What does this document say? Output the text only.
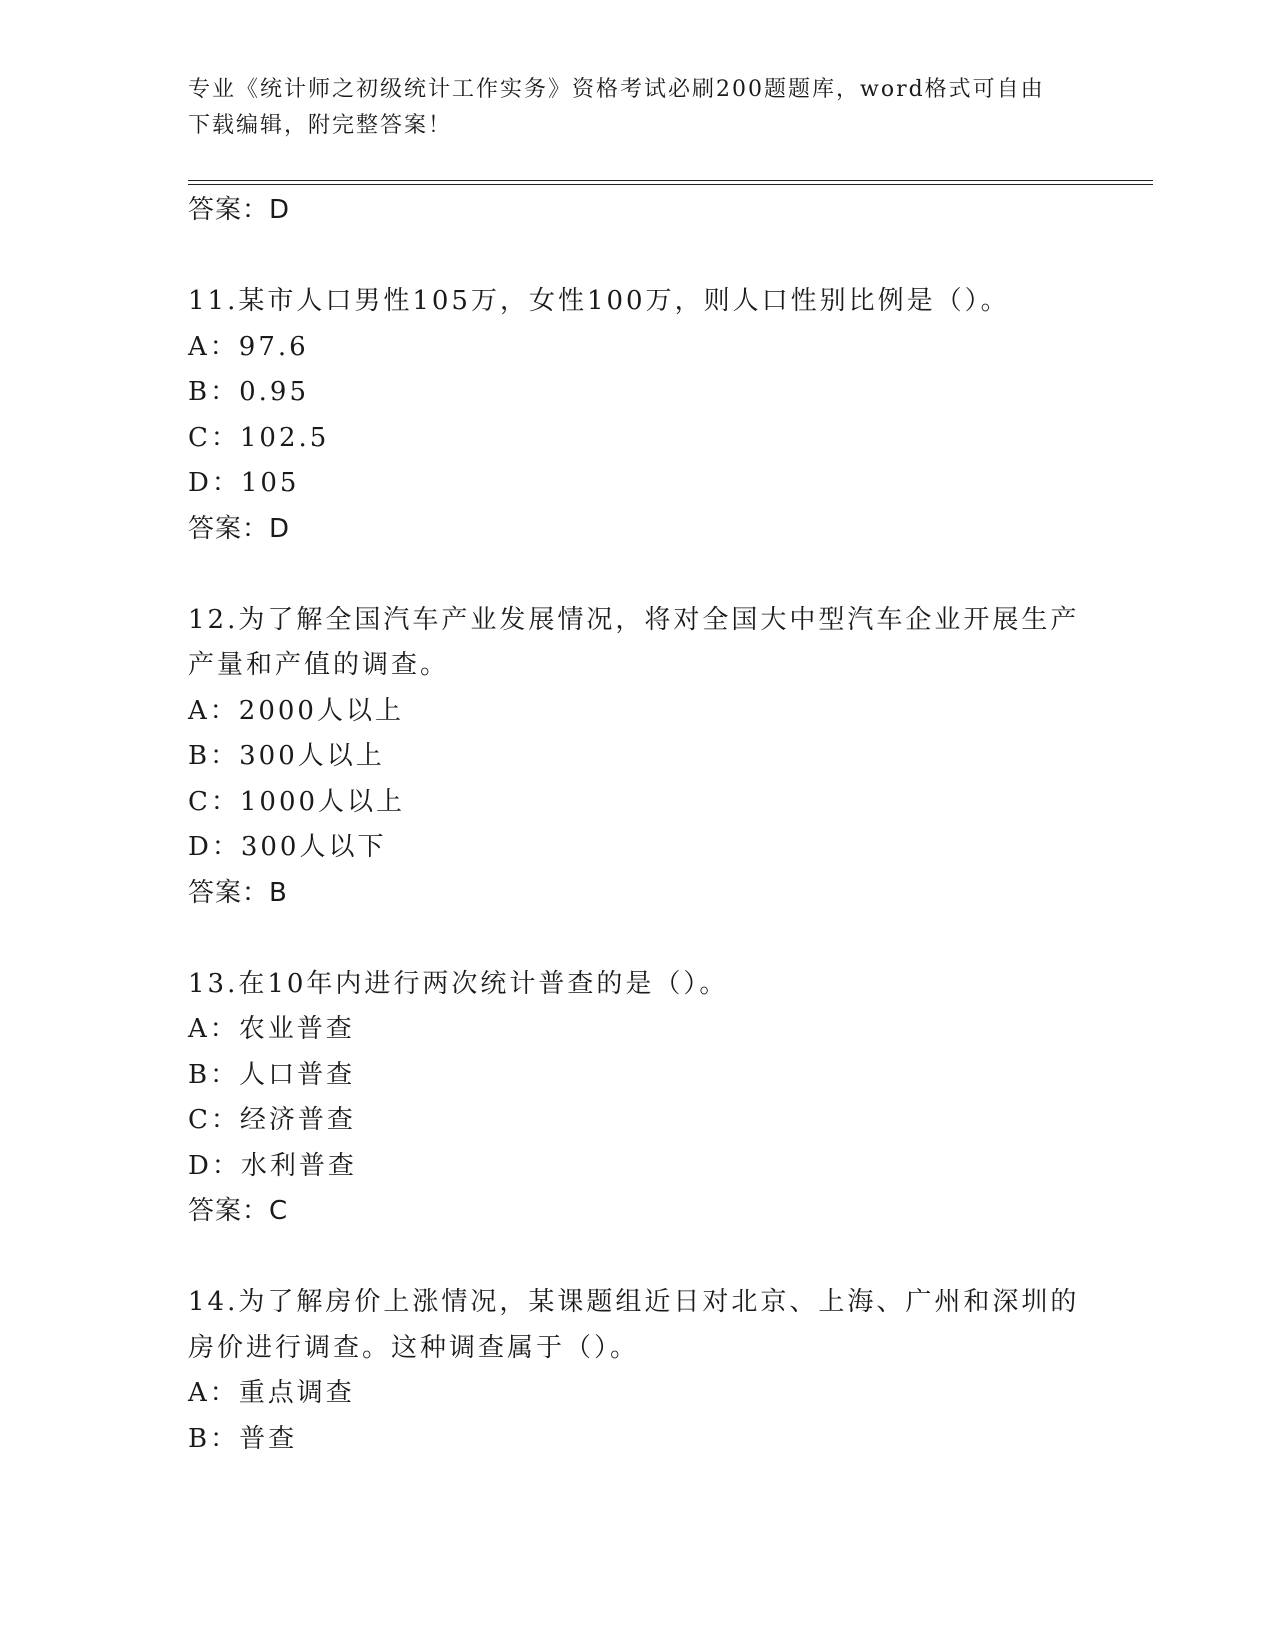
专业《统计师之初级统计工作实务》资格考试必刷200题题库，word格式可自由
下载编辑，附完整答案！
答案：D
11.某市人口男性105万，女性100万，则人口性别比例是（）。
A：97.6
B：0.95
C：102.5
D：105
答案：D
12.为了解全国汽车产业发展情况，将对全国大中型汽车企业开展生产
产量和产值的调查。
A：2000人以上
B：300人以上
C：1000人以上
D：300人以下
答案：B
13.在10年内进行两次统计普查的是（）。
A：农业普查
B：人口普查
C：经济普查
D：水利普查
答案：C
14.为了解房价上涨情况，某课题组近日对北京、上海、广州和深圳的
房价进行调查。这种调查属于（）。
A：重点调查
B：普查
